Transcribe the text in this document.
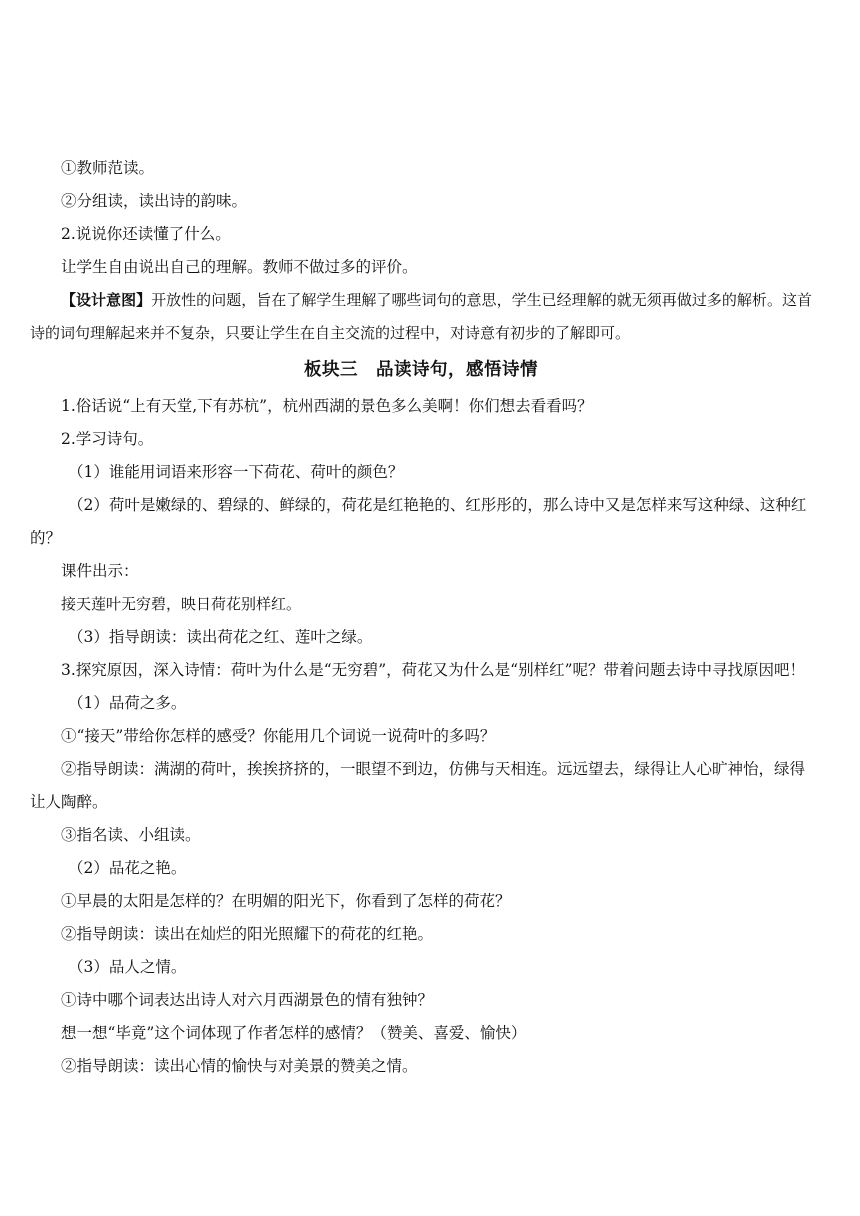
①教师范读。

②分组读，读出诗的韵味。

2.说说你还读懂了什么。

让学生自由说出自己的理解。教师不做过多的评价。

【设计意图】开放性的问题，旨在了解学生理解了哪些词句的意思，学生已经理解的就无须再做过多的解析。这首诗的词句理解起来并不复杂，只要让学生在自主交流的过程中，对诗意有初步的了解即可。

板块三　品读诗句，感悟诗情

1.俗话说“上有天堂,下有苏杭”，杭州西湖的景色多么美啊！你们想去看看吗？

2.学习诗句。

（1）谁能用词语来形容一下荷花、荷叶的颜色？

（2）荷叶是嫩绿的、碧绿的、鲜绿的，荷花是红艳艳的、红彤彤的，那么诗中又是怎样来写这种绿、这种红的？

课件出示：

接天莲叶无穷碧，映日荷花别样红。

（3）指导朗读：读出荷花之红、莲叶之绿。

3.探究原因，深入诗情：荷叶为什么是“无穷碧”，荷花又为什么是“别样红”呢？带着问题去诗中寻找原因吧！

（1）品荷之多。

①“接天”带给你怎样的感受？你能用几个词说一说荷叶的多吗？

②指导朗读：满湖的荷叶，挨挨挤挤的，一眼望不到边，仿佛与天相连。远远望去，绿得让人心旷神怡，绿得让人陶醉。

③指名读、小组读。

（2）品花之艳。

①早晨的太阳是怎样的？在明媚的阳光下，你看到了怎样的荷花？

②指导朗读：读出在灿烂的阳光照耀下的荷花的红艳。

（3）品人之情。

①诗中哪个词表达出诗人对六月西湖景色的情有独钟？

想一想“毕竟”这个词体现了作者怎样的感情？（赞美、喜爱、愉快）

②指导朗读：读出心情的愉快与对美景的赞美之情。
